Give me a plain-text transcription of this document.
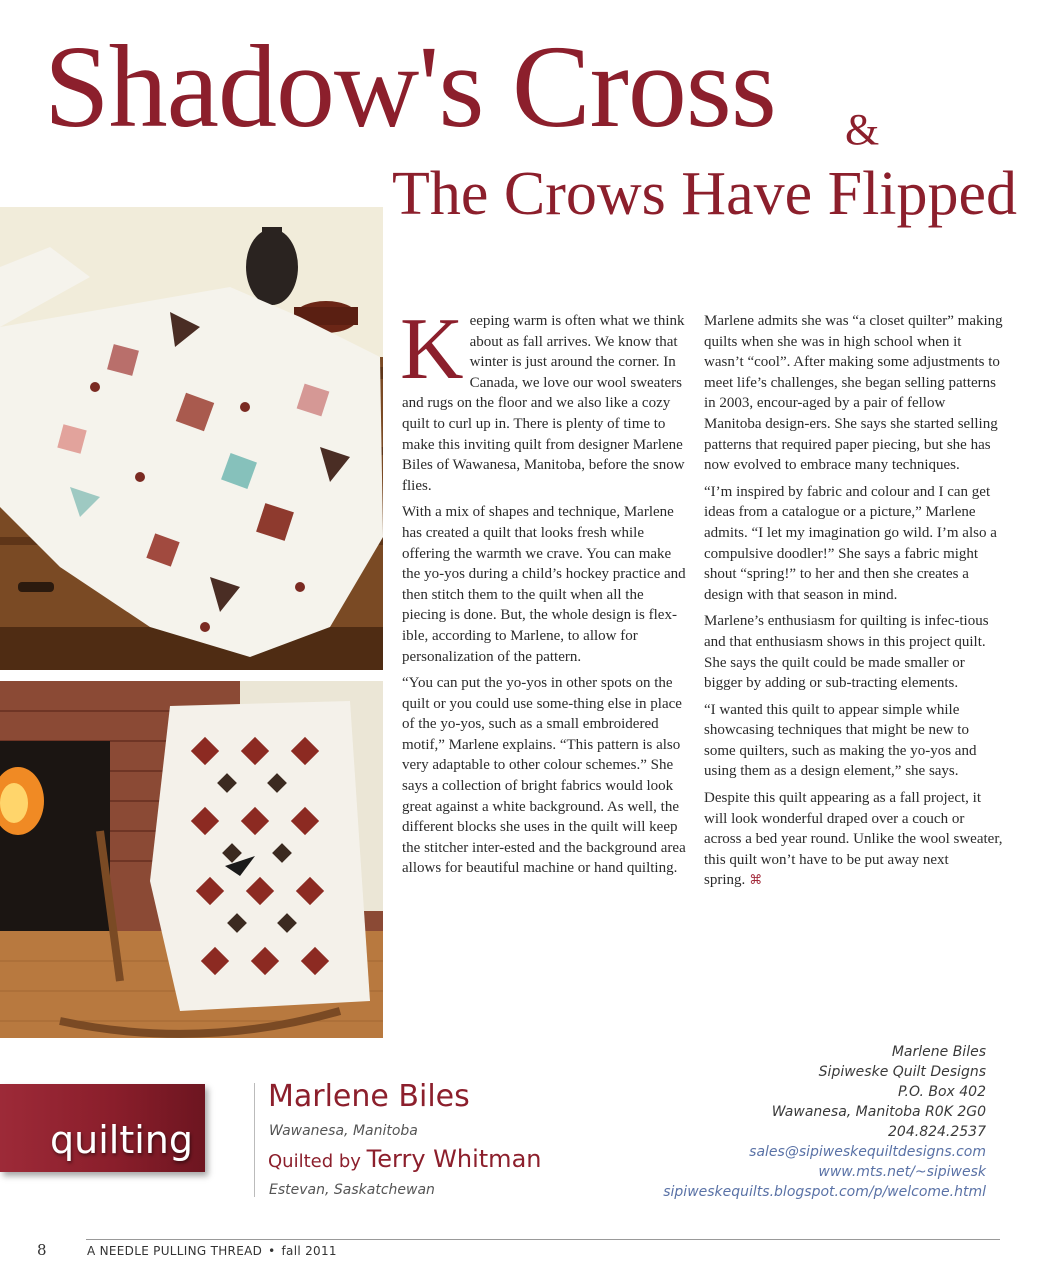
Shadow's Cross &
The Crows Have Flipped

Keeping warm is often what we think about as fall arrives. We know that winter is just around the corner. In Canada, we love our wool sweaters and rugs on the floor and we also like a cozy quilt to curl up in. There is plenty of time to make this inviting quilt from designer Marlene Biles of Wawanesa, Manitoba, before the snow flies.

With a mix of shapes and technique, Marlene has created a quilt that looks fresh while offering the warmth we crave. You can make the yo-yos during a child’s hockey practice and then stitch them to the quilt when all the piecing is done. But, the whole design is flex-ible, according to Marlene, to allow for personalization of the pattern.

“You can put the yo-yos in other spots on the quilt or you could use some-thing else in place of the yo-yos, such as a small embroidered motif,” Marlene explains. “This pattern is also very adaptable to other colour schemes.” She says a collection of bright fabrics would look great against a white background. As well, the different blocks she uses in the quilt will keep the stitcher inter-ested and the background area allows for beautiful machine or hand quilting.

Marlene admits she was “a closet quilter” making quilts when she was in high school when it wasn’t “cool”. After making some adjustments to meet life’s challenges, she began selling patterns in 2003, encour-aged by a pair of fellow Manitoba design-ers. She says she started selling patterns that required paper piecing, but she has now evolved to embrace many techniques.

“I’m inspired by fabric and colour and I can get ideas from a catalogue or a picture,” Marlene admits. “I let my imagination go wild. I’m also a compulsive doodler!” She says a fabric might shout “spring!” to her and then she creates a design with that season in mind.

Marlene’s enthusiasm for quilting is infec-tious and that enthusiasm shows in this project quilt. She says the quilt could be made smaller or bigger by adding or sub-tracting elements.

“I wanted this quilt to appear simple while showcasing techniques that might be new to some quilters, such as making the yo-yos and using them as a design element,” she says.

Despite this quilt appearing as a fall project, it will look wonderful draped over a couch or across a bed year round. Unlike the wool sweater, this quilt won’t have to be put away next spring. ⌘

quilting
Marlene Biles
Wawanesa, Manitoba
Quilted by Terry Whitman
Estevan, Saskatchewan
Marlene Biles
Sipiweske Quilt Designs
P.O. Box 402
Wawanesa, Manitoba R0K 2G0
204.824.2537
sales@sipiweskequiltdesigns.com
www.mts.net/~sipiwesk
sipiweskequilts.blogspot.com/p/welcome.html
8	A NEEDLE PULLING THREAD • fall 2011
